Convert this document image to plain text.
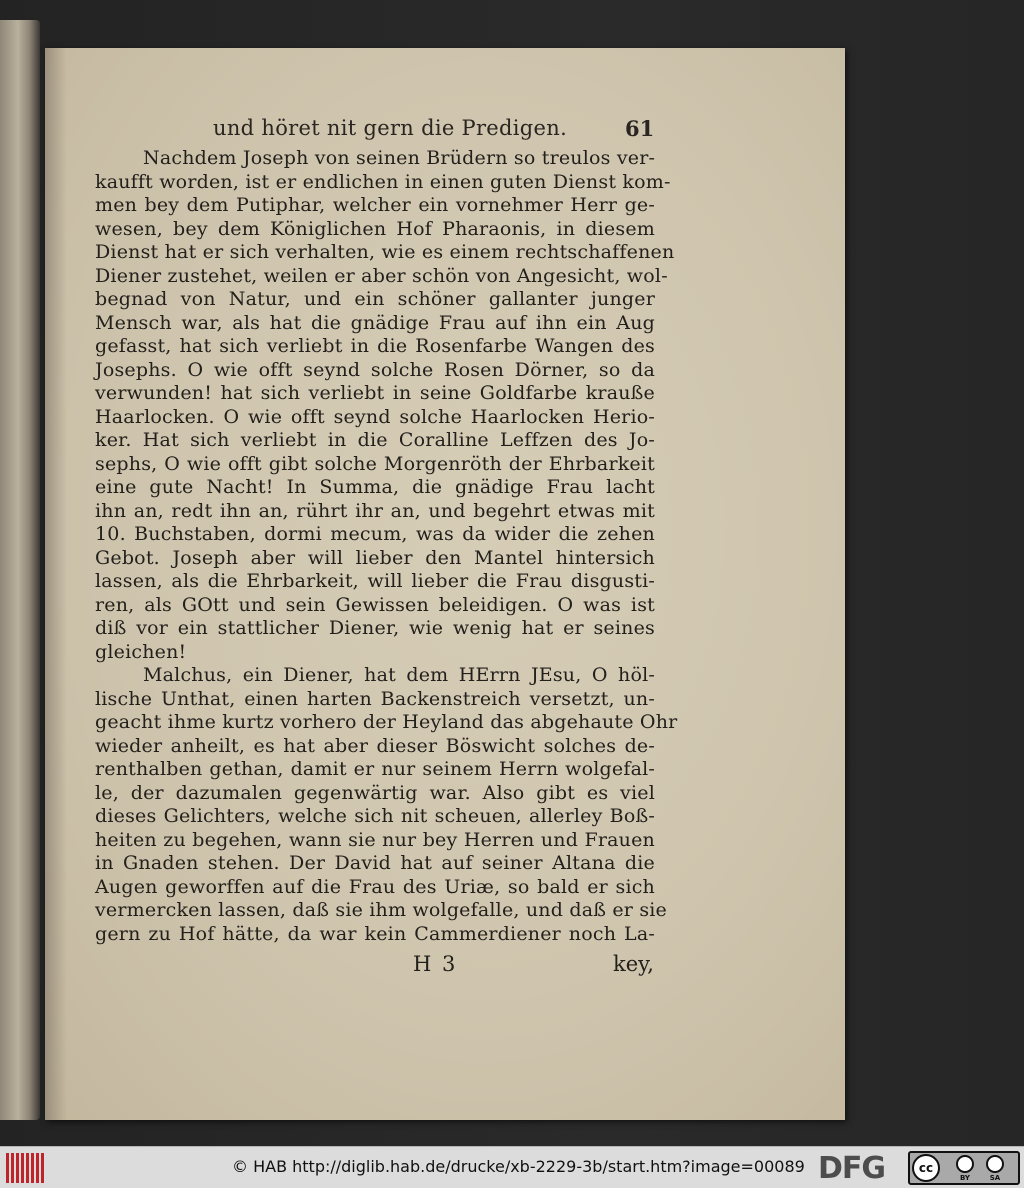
und höret nit gern die Predigen.	61
Nachdem Joseph von seinen Brüdern so treulos ver-
kaufft worden, ist er endlichen in einen guten Dienst kom-
men bey dem Putiphar, welcher ein vornehmer Herr ge-
wesen, bey dem Königlichen Hof Pharaonis, in diesem
Dienst hat er sich verhalten, wie es einem rechtschaffenen
Diener zustehet, weilen er aber schön von Angesicht, wol-
begnad von Natur, und ein schöner gallanter junger
Mensch war, als hat die gnädige Frau auf ihn ein Aug
gefasst, hat sich verliebt in die Rosenfarbe Wangen des
Josephs. O wie offt seynd solche Rosen Dörner, so da
verwunden! hat sich verliebt in seine Goldfarbe krauße
Haarlocken. O wie offt seynd solche Haarlocken Herio-
ker. Hat sich verliebt in die Coralline Leffzen des Jo-
sephs, O wie offt gibt solche Morgenröth der Ehrbarkeit
eine gute Nacht! In Summa, die gnädige Frau lacht
ihn an, redt ihn an, rührt ihr an, und begehrt etwas mit
10. Buchstaben, dormi mecum, was da wider die zehen
Gebot. Joseph aber will lieber den Mantel hintersich
lassen, als die Ehrbarkeit, will lieber die Frau disgusti-
ren, als GOtt und sein Gewissen beleidigen. O was ist
diß vor ein stattlicher Diener, wie wenig hat er seines
gleichen!
Malchus, ein Diener, hat dem HErrn JEsu, O höl-
lische Unthat, einen harten Backenstreich versetzt, un-
geacht ihme kurtz vorhero der Heyland das abgehaute Ohr
wieder anheilt, es hat aber dieser Böswicht solches de-
renthalben gethan, damit er nur seinem Herrn wolgefal-
le, der dazumalen gegenwärtig war. Also gibt es viel
dieses Gelichters, welche sich nit scheuen, allerley Boß-
heiten zu begehen, wann sie nur bey Herren und Frauen
in Gnaden stehen. Der David hat auf seiner Altana die
Augen geworffen auf die Frau des Uriæ, so bald er sich
vermercken lassen, daß sie ihm wolgefalle, und daß er sie
gern zu Hof hätte, da war kein Cammerdiener noch La-
H 3	key,
© HAB http://diglib.hab.de/drucke/xb-2229-3b/start.htm?image=00089 DFG	cc
BY	SA
